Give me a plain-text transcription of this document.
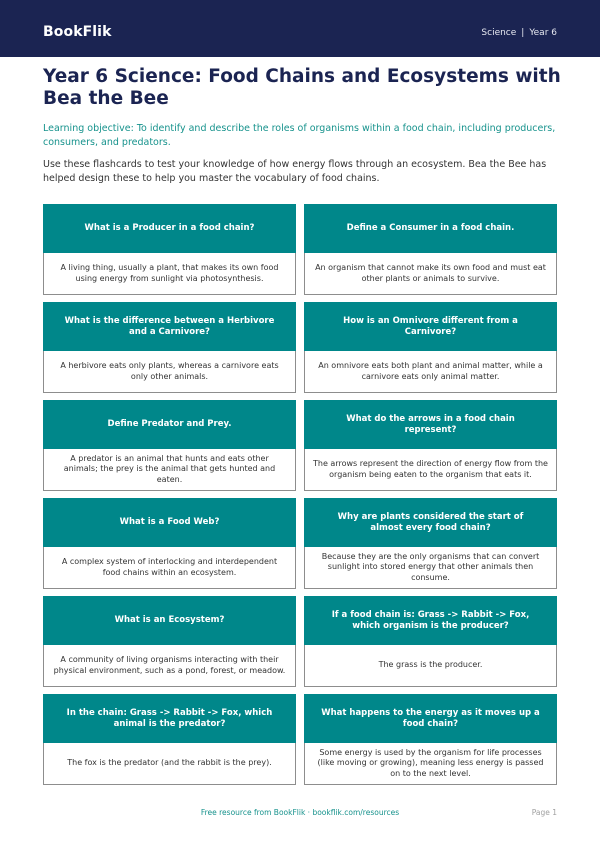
BookFlik	Science | Year 6
Year 6 Science: Food Chains and Ecosystems with Bea the Bee
Learning objective: To identify and describe the roles of organisms within a food chain, including producers, consumers, and predators.
Use these flashcards to test your knowledge of how energy flows through an ecosystem. Bea the Bee has helped design these to help you master the vocabulary of food chains.
What is a Producer in a food chain?
A living thing, usually a plant, that makes its own food using energy from sunlight via photosynthesis.
Define a Consumer in a food chain.
An organism that cannot make its own food and must eat other plants or animals to survive.
What is the difference between a Herbivore and a Carnivore?
A herbivore eats only plants, whereas a carnivore eats only other animals.
How is an Omnivore different from a Carnivore?
An omnivore eats both plant and animal matter, while a carnivore eats only animal matter.
Define Predator and Prey.
A predator is an animal that hunts and eats other animals; the prey is the animal that gets hunted and eaten.
What do the arrows in a food chain represent?
The arrows represent the direction of energy flow from the organism being eaten to the organism that eats it.
What is a Food Web?
A complex system of interlocking and interdependent food chains within an ecosystem.
Why are plants considered the start of almost every food chain?
Because they are the only organisms that can convert sunlight into stored energy that other animals then consume.
What is an Ecosystem?
A community of living organisms interacting with their physical environment, such as a pond, forest, or meadow.
If a food chain is: Grass -> Rabbit -> Fox, which organism is the producer?
The grass is the producer.
In the chain: Grass -> Rabbit -> Fox, which animal is the predator?
The fox is the predator (and the rabbit is the prey).
What happens to the energy as it moves up a food chain?
Some energy is used by the organism for life processes (like moving or growing), meaning less energy is passed on to the next level.
Free resource from BookFlik · bookflik.com/resources	Page 1
